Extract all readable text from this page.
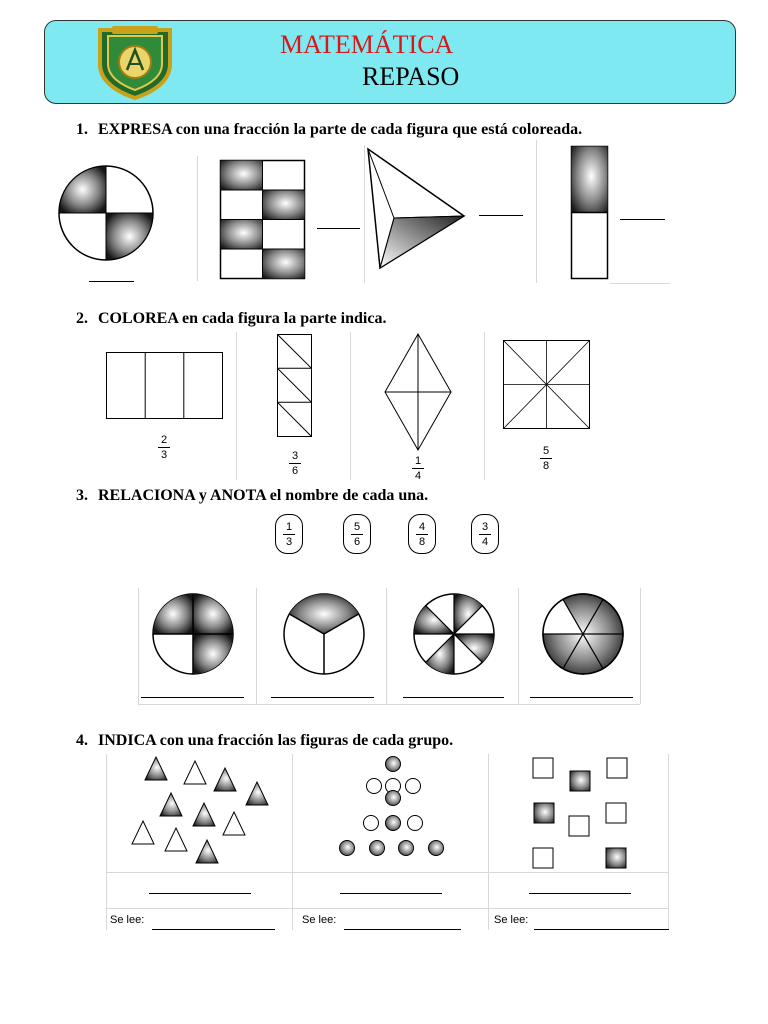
MATEMÁTICA
REPASO
1. EXPRESA con una fracción la parte de cada figura que está coloreada.
2. COLOREA en cada figura la parte indica.
2
3	3
6
1
4
5
8
3. RELACIONA y ANOTA el nombre de cada una.
$\frac{1}{3}$	$\frac{5}{6}$	$\frac{4}{8}$	$\frac{3}{4}$
4. INDICA con una fracción las figuras de cada grupo.
Se lee:	Se lee:	Se lee:
